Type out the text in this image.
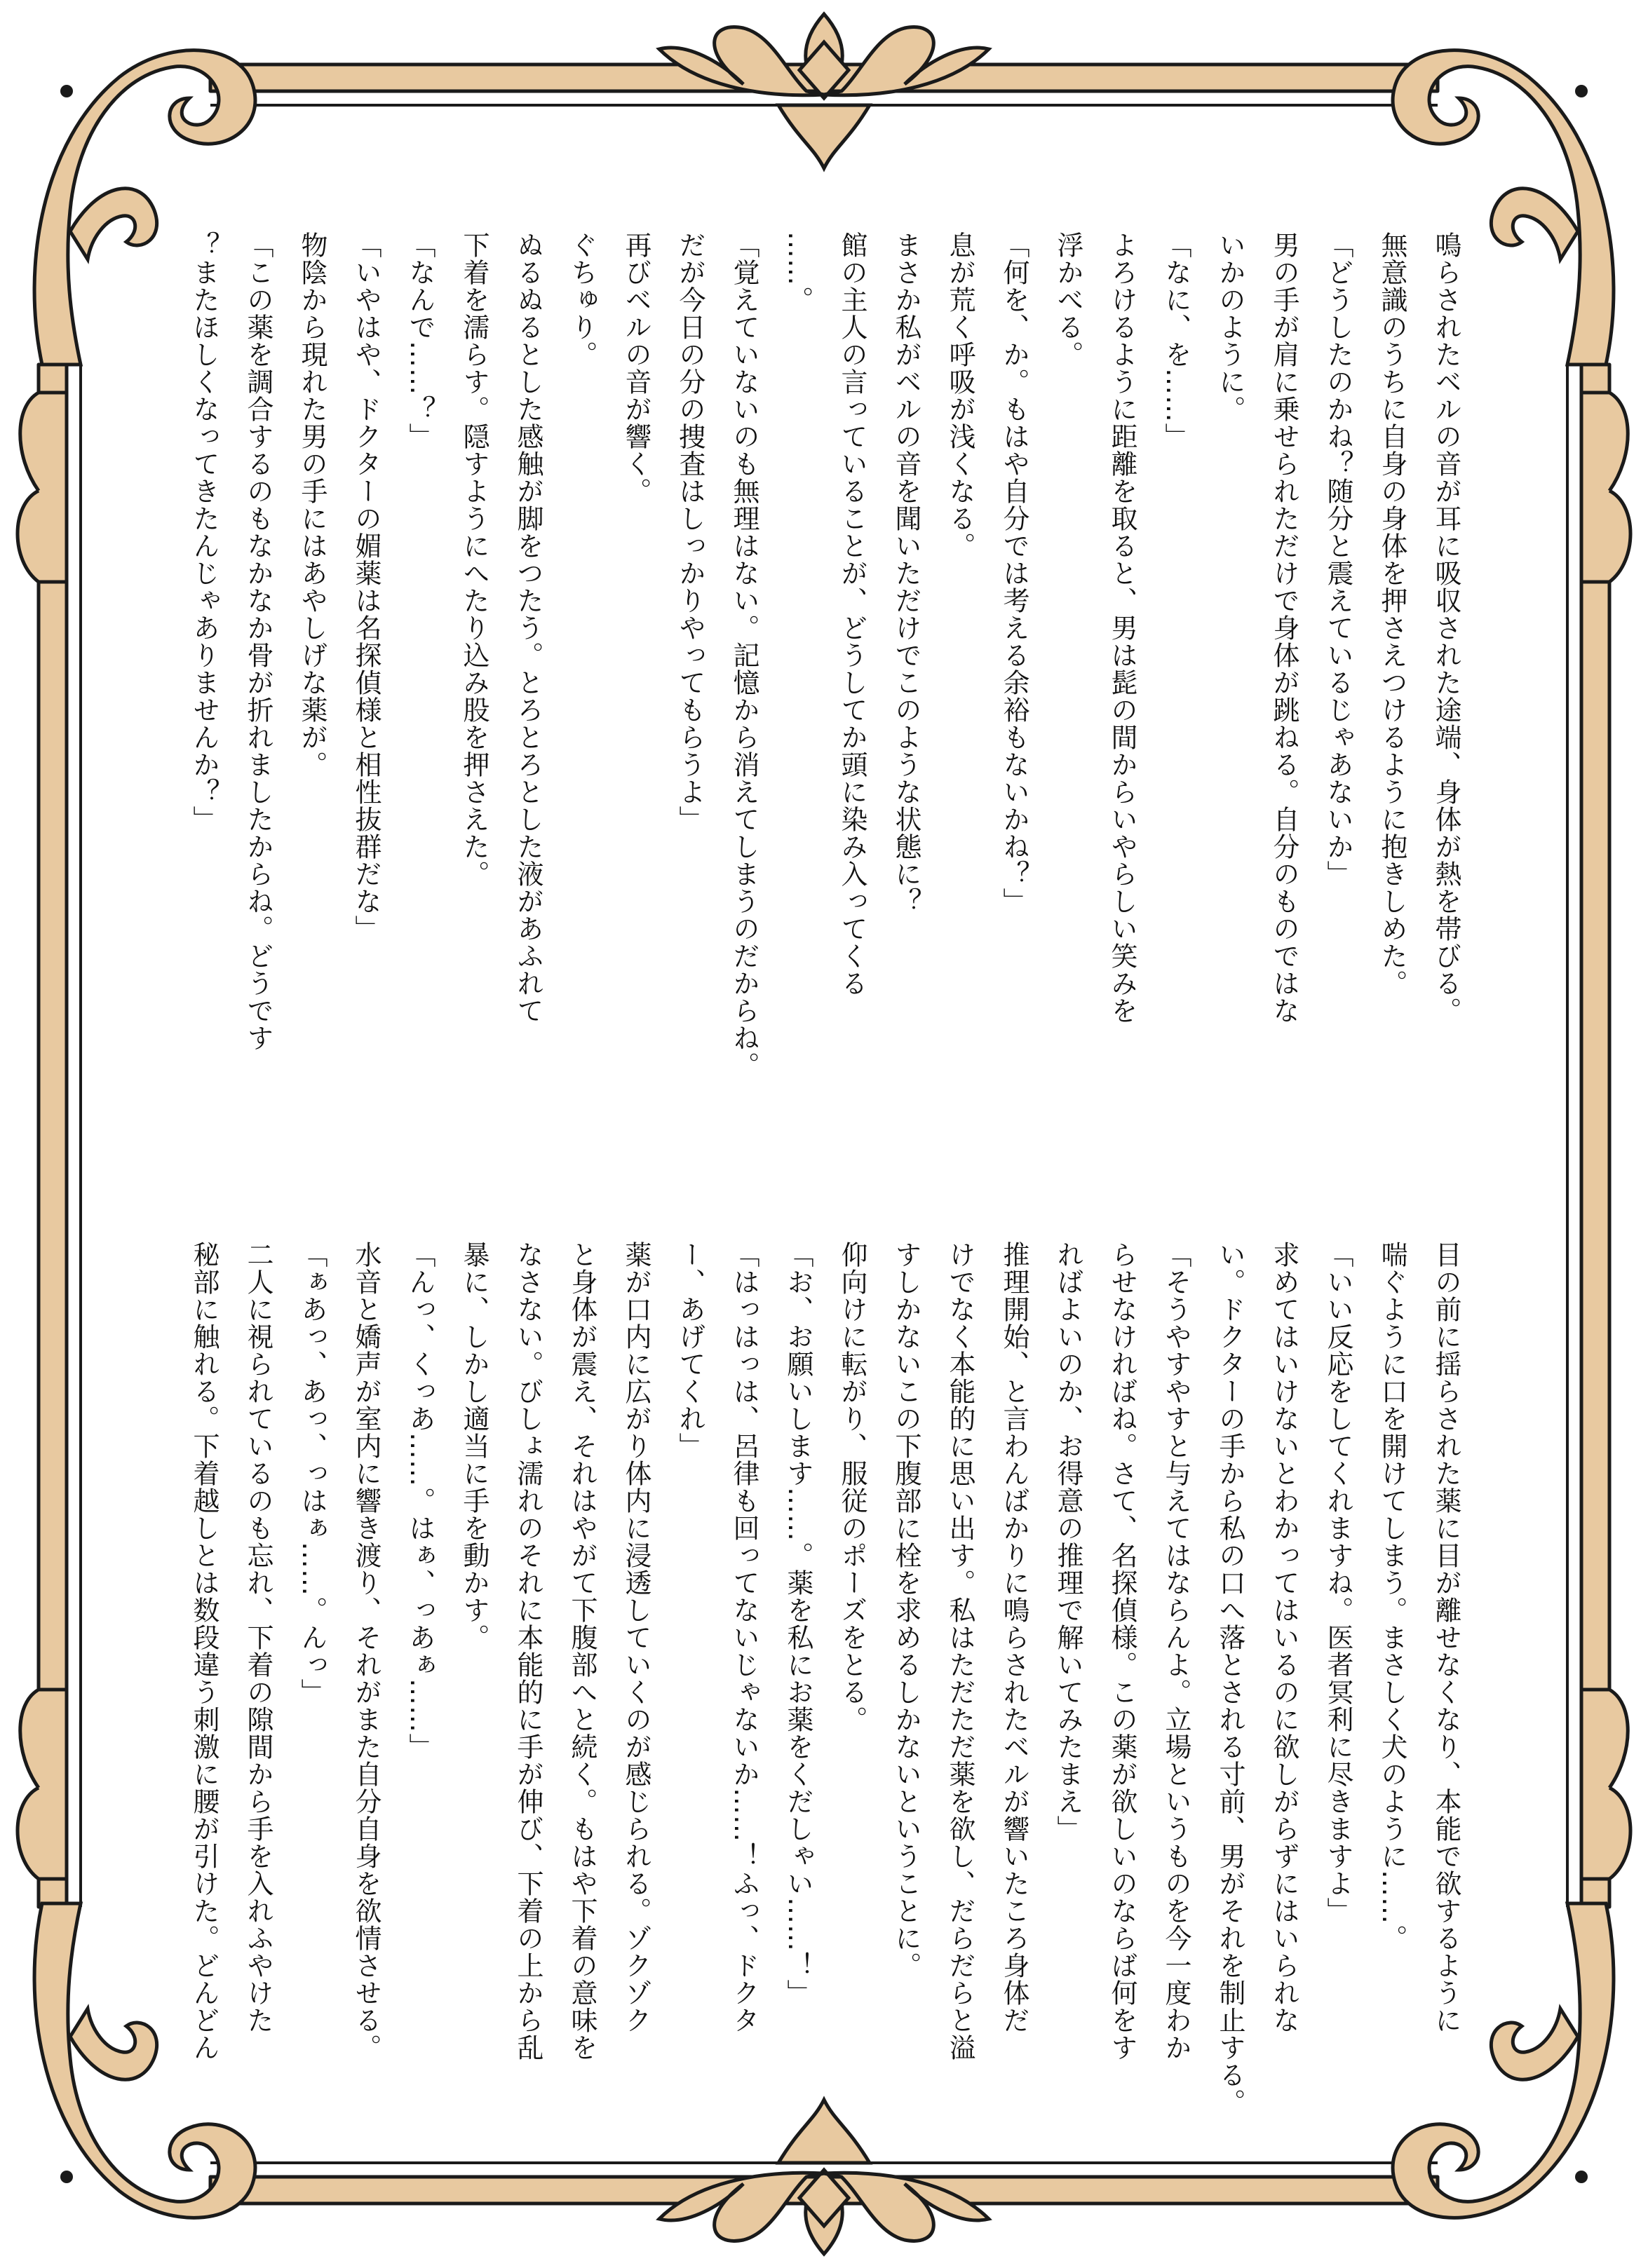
鳴らされたベルの音が耳に吸収された途端、身体が熱を帯びる。

無意識のうちに自身の身体を押さえつけるように抱きしめた。

「どうしたのかね？随分と震えているじゃあないか」

男の手が肩に乗せられただけで身体が跳ねる。自分のものではな

いかのように。

「なに、を……」

よろけるように距離を取ると、男は髭の間からいやらしい笑みを

浮かべる。

「何を、か。もはや自分では考える余裕もないかね？」

息が荒く呼吸が浅くなる。

まさか私がベルの音を聞いただけでこのような状態に？

館の主人の言っていることが、どうしてか頭に染み入ってくる

……。

「覚えていないのも無理はない。記憶から消えてしまうのだからね。

だが今日の分の捜査はしっかりやってもらうよ」

再びベルの音が響く。

ぐちゅり。

ぬるぬるとした感触が脚をつたう。とろとろとした液があふれて

下着を濡らす。隠すようにへたり込み股を押さえた。

「なんで……？」

「いやはや、ドクターの媚薬は名探偵様と相性抜群だな」

物陰から現れた男の手にはあやしげな薬が。

「この薬を調合するのもなかなか骨が折れましたからね。どうです

？またほしくなってきたんじゃありませんか？」

目の前に揺らされた薬に目が離せなくなり、本能で欲するように

喘ぐように口を開けてしまう。まさしく犬のように……。

「いい反応をしてくれますね。医者冥利に尽きますよ」

求めてはいけないとわかってはいるのに欲しがらずにはいられな

い。ドクターの手から私の口へ落とされる寸前、男がそれを制止する。

「そうやすやすと与えてはならんよ。立場というものを今一度わか

らせなければね。さて、名探偵様。この薬が欲しいのならば何をす

ればよいのか、お得意の推理で解いてみたまえ」

推理開始、と言わんばかりに鳴らされたベルが響いたころ身体だ

けでなく本能的に思い出す。私はただただ薬を欲し、だらだらと溢

すしかないこの下腹部に栓を求めるしかないということに。

仰向けに転がり、服従のポーズをとる。

「お、お願いします……。薬を私にお薬をくだしゃい……！」

「はっはっは、呂律も回ってないじゃないか……！ふっ、ドクタ

ー、あげてくれ」

薬が口内に広がり体内に浸透していくのが感じられる。ゾクゾク

と身体が震え、それはやがて下腹部へと続く。もはや下着の意味を

なさない。びしょ濡れのそれに本能的に手が伸び、下着の上から乱

暴に、しかし適当に手を動かす。

「んっ、くっあ……。はぁ、っあぁ……」

水音と嬌声が室内に響き渡り、それがまた自分自身を欲情させる。

「ぁあっ、あっ、っはぁ……。んっ」

二人に視られているのも忘れ、下着の隙間から手を入れふやけた

秘部に触れる。下着越しとは数段違う刺激に腰が引けた。どんどん
